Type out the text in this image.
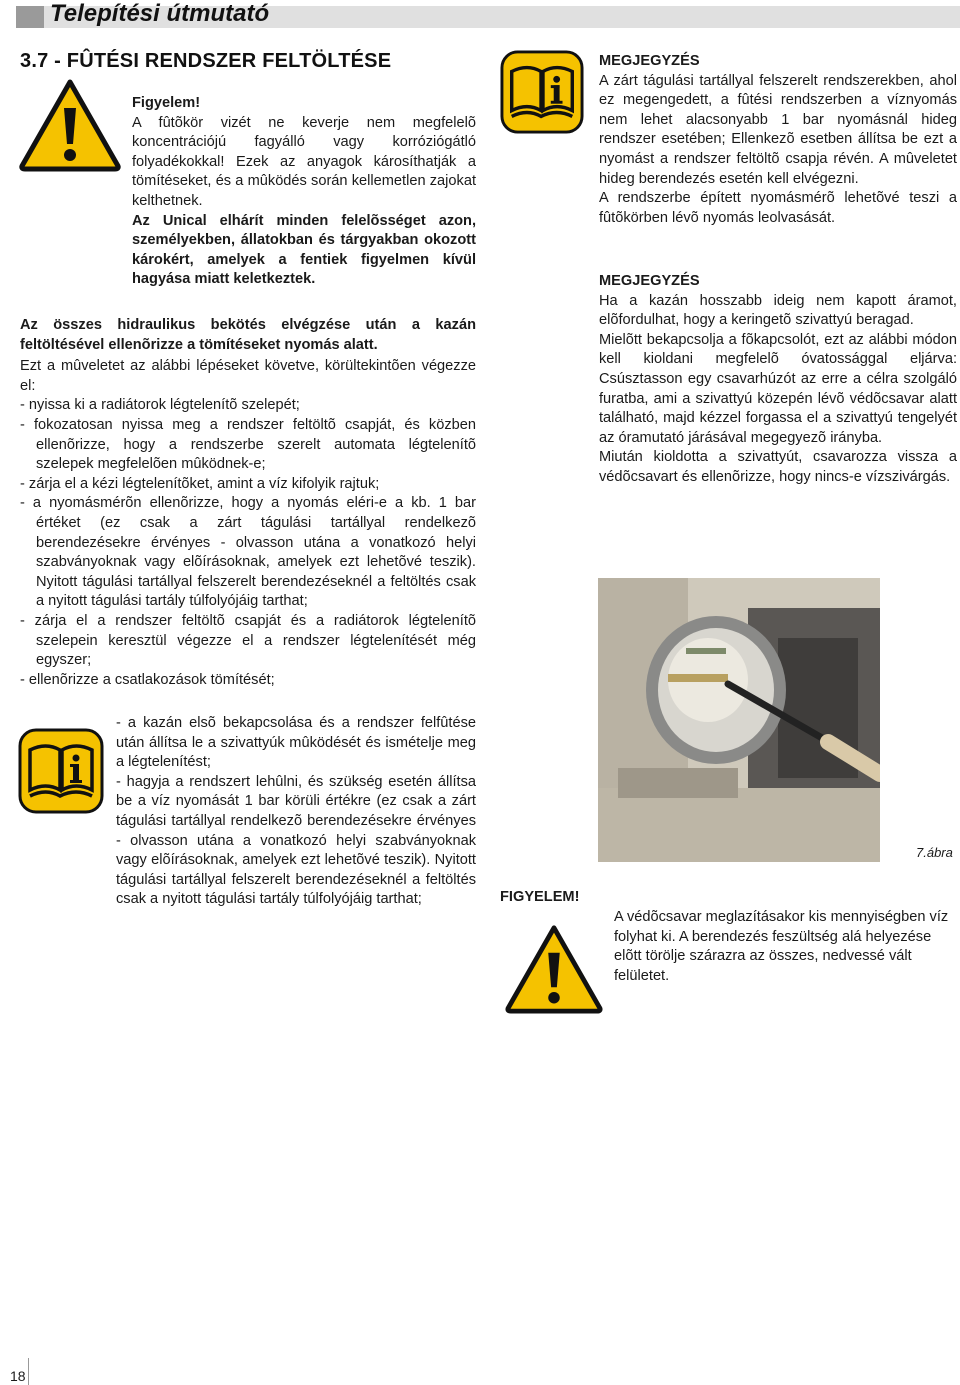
Telepítési útmutató
3.7 - FÛTÉSI RENDSZER FELTÖLTÉSE

Figyelem!

A fûtõkör vizét ne keverje nem megfelelõ koncentrációjú fagyálló vagy korróziógátló folyadékokkal! Ezek az anyagok károsíthatják a tömítéseket, és a mûködés során kellemetlen zajokat kelthetnek.

Az Unical elhárít minden felelõsséget azon, személyekben, állatokban és tárgyakban okozott károkért, amelyek a fentiek figyelmen kívül hagyása miatt keletkeztek.

Az összes hidraulikus bekötés elvégzése után a kazán feltöltésével ellenõrizze a tömítéseket nyomás alatt.

Ezt a mûveletet az alábbi lépéseket követve, körültekintõen végezze el:

- nyissa ki a radiátorok légtelenítõ szelepét;

- fokozatosan nyissa meg a rendszer feltöltõ csapját, és közben ellenõrizze, hogy a rendszerbe szerelt automata légtelenítõ szelepek megfelelõen mûködnek-e;

- zárja el a kézi légtelenítõket, amint a víz kifolyik rajtuk;

- a nyomásmérõn ellenõrizze, hogy a nyomás eléri-e a kb. 1 bar értéket (ez csak a zárt tágulási tartállyal rendelkezõ berendezésekre érvényes - olvasson utána a vonatkozó helyi szabványoknak vagy elõírásoknak, amelyek ezt lehetõvé teszik). Nyitott tágulási tartállyal felszerelt berendezéseknél a feltöltés csak a nyitott tágulási tartály túlfolyójáig tarthat;

- zárja el a rendszer feltöltõ csapját és a radiátorok légtelenítõ szelepein keresztül végezze el a rendszer légtelenítését még egyszer;

- ellenõrizze a csatlakozások tömítését;

- a kazán elsõ bekapcsolása és a rendszer felfûtése után állítsa le a szivattyúk mûködését és ismételje meg a légtelenítést;

- hagyja a rendszert lehûlni, és szükség esetén állítsa be a víz nyomását 1 bar körüli értékre (ez csak a zárt tágulási tartállyal rendelkezõ berendezésekre érvényes - olvasson utána a vonatkozó helyi szabványoknak vagy elõírásoknak, amelyek ezt lehetõvé teszik). Nyitott tágulási tartállyal felszerelt berendezéseknél a feltöltés csak a nyitott tágulási tartály túlfolyójáig tarthat;

MEGJEGYZÉS

A zárt tágulási tartállyal felszerelt rendszerekben, ahol ez megengedett, a fûtési rendszerben a víznyomás nem lehet alacsonyabb 1 bar nyomásnál hideg rendszer esetében; Ellenkezõ esetben állítsa be ezt a nyomást a rendszer feltöltõ csapja révén. A mûveletet hideg berendezés esetén kell elvégezni.

A rendszerbe épített nyomásmérõ lehetõvé teszi a fûtõkörben lévõ nyomás leolvasását.

MEGJEGYZÉS

Ha a kazán hosszabb ideig nem kapott áramot, elõfordulhat, hogy a keringetõ szivattyú beragad.

Mielõtt bekapcsolja a fõkapcsolót, ezt az alábbi módon kell kioldani megfelelõ óvatossággal eljárva: Csúsztasson egy csavarhúzót az erre a célra szolgáló furatba, ami a szivattyú közepén lévõ védõcsavar alatt található, majd kézzel forgassa el a szivattyú tengelyét az óramutató járásával megegyezõ irányba.

Miután kioldotta a szivattyút, csavarozza vissza a védõcsavart és ellenõrizze, hogy nincs-e vízszivárgás.

7.ábra

FIGYELEM!

A védõcsavar meglazításakor kis mennyiségben víz folyhat ki. A berendezés feszültség alá helyezése elõtt törölje szárazra az összes, nedvessé vált felületet.

18
